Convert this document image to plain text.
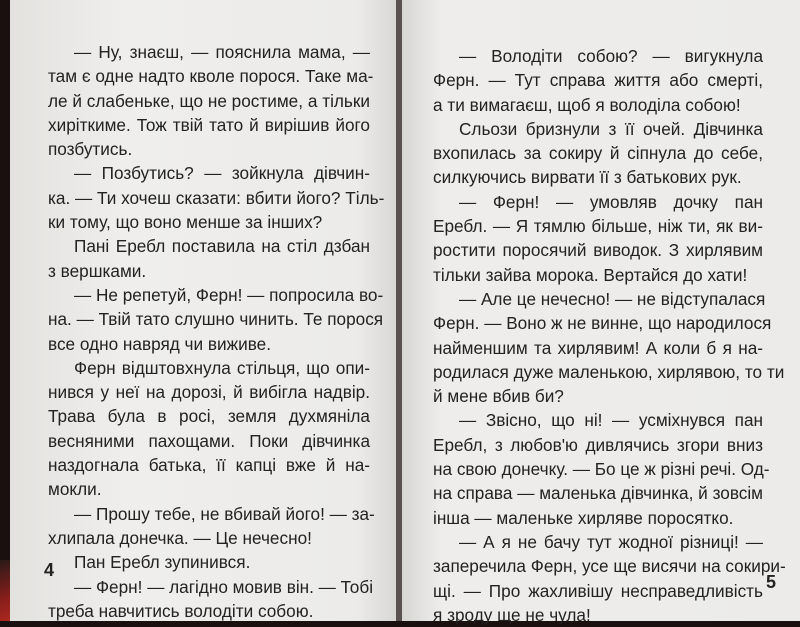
— Ну, знаєш, — пояснила мама, —
там є одне надто кволе порося. Таке ма-
ле й слабеньке, що не ростиме, а тільки
хиріткиме. Тож твій тато й вирішив його
позбутись.
— Позбутись? — зойкнула дівчин-
ка. — Ти хочеш сказати: вбити його? Тіль-
ки тому, що воно менше за інших?
Пані Еребл поставила на стіл дзбан
з вершками.
— Не репетуй, Ферн! — попросила во-
на. — Твій тато слушно чинить. Те порося
все одно навряд чи виживе.
Ферн відштовхнула стільця, що опи-
нився у неї на дорозі, й вибігла надвір.
Трава була в росі, земля духмяніла
весняними пахощами. Поки дівчинка
наздогнала батька, її капці вже й на-
мокли.
— Прошу тебе, не вбивай його! — за-
хлипала донечка. — Це нечесно!
Пан Еребл зупинився.
— Ферн! — лагідно мовив він. — Тобі
треба навчитись володіти собою.
4
— Володіти собою? — вигукнула
Ферн. — Тут справа життя або смерті,
а ти вимагаєш, щоб я володіла собою!
Сльози бризнули з її очей. Дівчинка
вхопилась за сокиру й сіпнула до себе,
силкуючись вирвати її з батькових рук.
— Ферн! — умовляв дочку пан
Еребл. — Я тямлю більше, ніж ти, як ви-
ростити поросячий виводок. З хирлявим
тільки зайва морока. Вертайся до хати!
— Але це нечесно! — не відступалася
Ферн. — Воно ж не винне, що народилося
найменшим та хирлявим! А коли б я на-
родилася дуже маленькою, хирлявою, то ти
й мене вбив би?
— Звісно, що ні! — усміхнувся пан
Еребл, з любов'ю дивлячись згори вниз
на свою донечку. — Бо це ж різні речі. Од-
на справа — маленька дівчинка, й зовсім
інша — маленьке хирляве поросятко.
— А я не бачу тут жодної різниці! —
заперечила Ферн, усе ще висячи на сокири-
щі. — Про жахливішу несправедливість
я зроду ще не чула!
5
